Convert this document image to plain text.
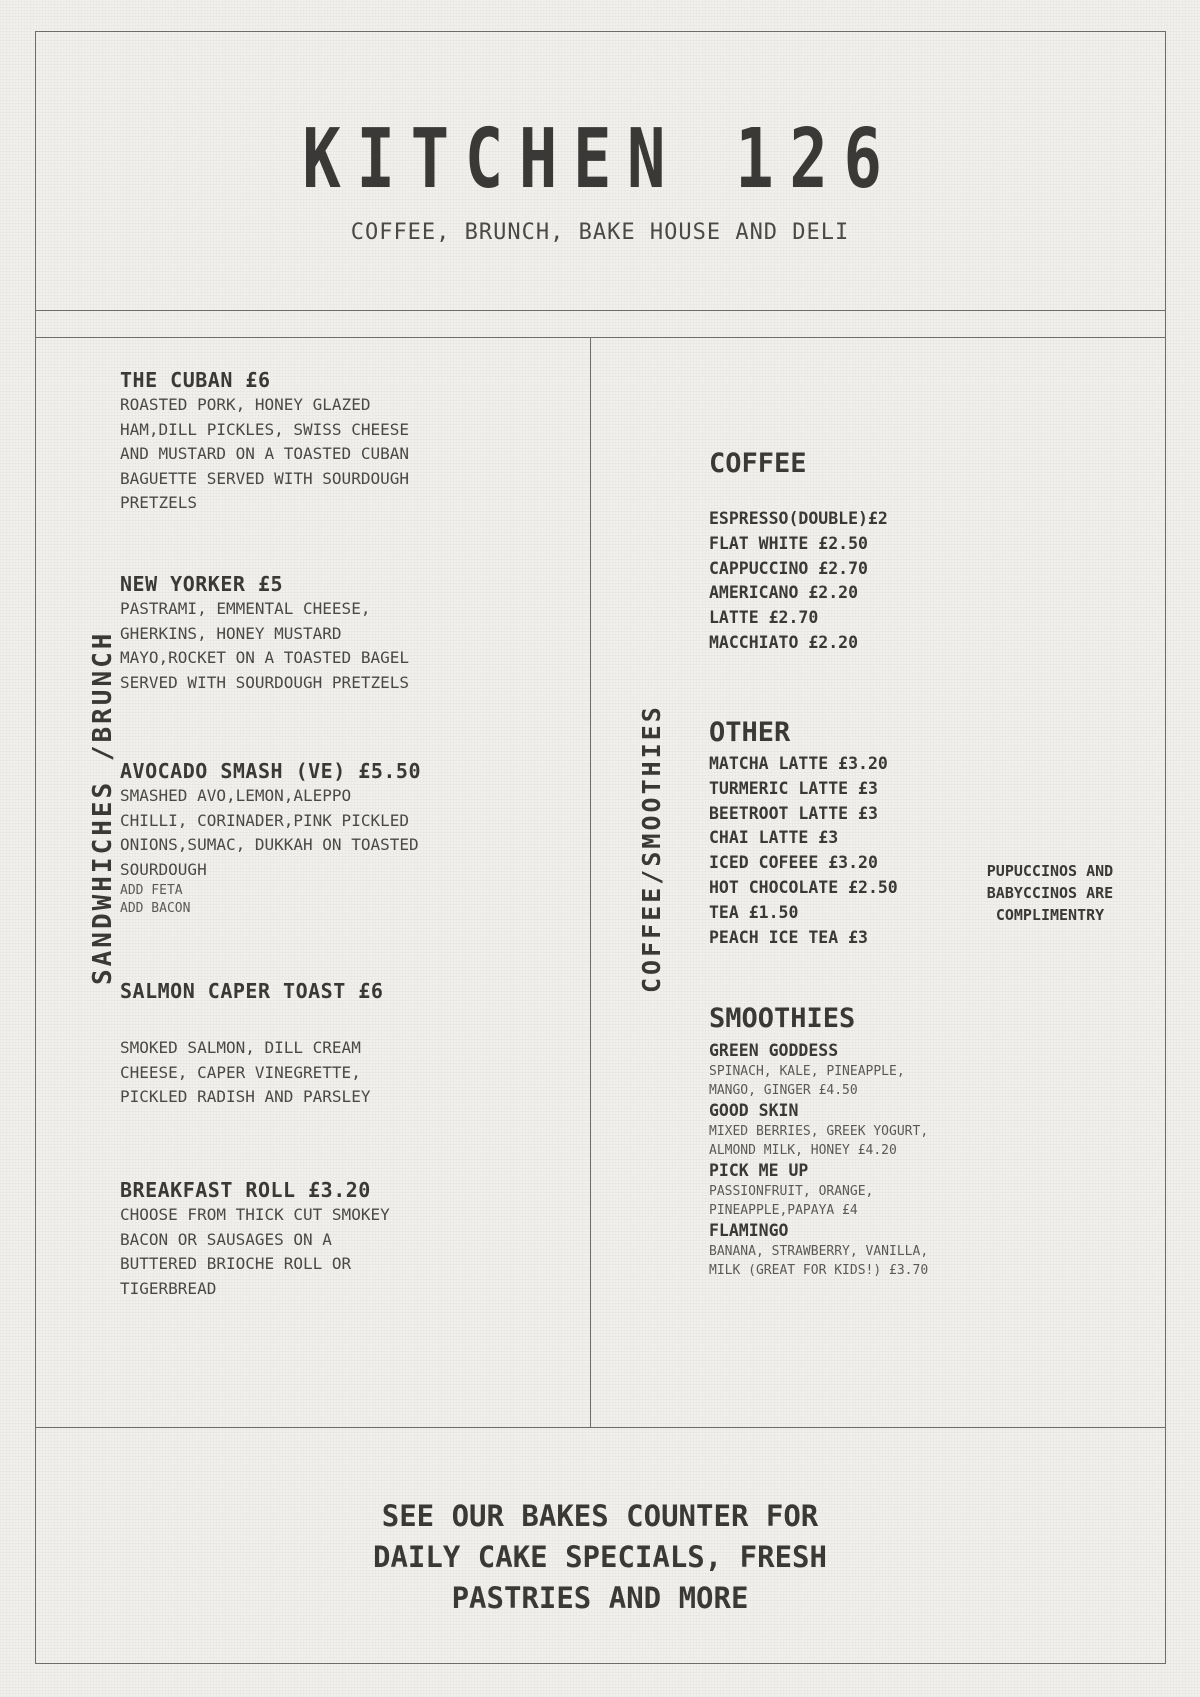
KITCHEN 126
COFFEE, BRUNCH, BAKE HOUSE AND DELI
SANDWHICHES /BRUNCH
THE CUBAN £6
ROASTED PORK, HONEY GLAZED
HAM,DILL PICKLES, SWISS CHEESE
AND MUSTARD ON A TOASTED CUBAN
BAGUETTE SERVED WITH SOURDOUGH
PRETZELS
NEW YORKER £5
PASTRAMI, EMMENTAL CHEESE,
GHERKINS, HONEY MUSTARD
MAYO,ROCKET ON A TOASTED BAGEL
SERVED WITH SOURDOUGH PRETZELS
AVOCADO SMASH (VE) £5.50
SMASHED AVO,LEMON,ALEPPO
CHILLI, CORINADER,PINK PICKLED
ONIONS,SUMAC, DUKKAH ON TOASTED
SOURDOUGH
ADD FETA
ADD BACON
SALMON CAPER TOAST £6
SMOKED SALMON, DILL CREAM
CHEESE, CAPER VINEGRETTE,
PICKLED RADISH AND PARSLEY
BREAKFAST ROLL £3.20
CHOOSE FROM THICK CUT SMOKEY
BACON OR SAUSAGES ON A
BUTTERED BRIOCHE ROLL OR
TIGERBREAD
COFFEE/SMOOTHIES
COFFEE
ESPRESSO(DOUBLE)£2
FLAT WHITE £2.50
CAPPUCCINO £2.70
AMERICANO £2.20
LATTE £2.70
MACCHIATO £2.20
OTHER
MATCHA LATTE £3.20
TURMERIC LATTE £3
BEETROOT LATTE £3
CHAI LATTE £3
ICED COFEEE £3.20
HOT CHOCOLATE £2.50
TEA £1.50
PEACH ICE TEA £3
PUPUCCINOS AND BABYCCINOS ARE COMPLIMENTRY
SMOOTHIES
GREEN GODDESS
SPINACH, KALE, PINEAPPLE,
MANGO, GINGER £4.50
GOOD SKIN
MIXED BERRIES, GREEK YOGURT,
ALMOND MILK, HONEY £4.20
PICK ME UP
PASSIONFRUIT, ORANGE,
PINEAPPLE,PAPAYA £4
FLAMINGO
BANANA, STRAWBERRY, VANILLA,
MILK (GREAT FOR KIDS!) £3.70
SEE OUR BAKES COUNTER FOR
DAILY CAKE SPECIALS, FRESH
PASTRIES AND MORE
